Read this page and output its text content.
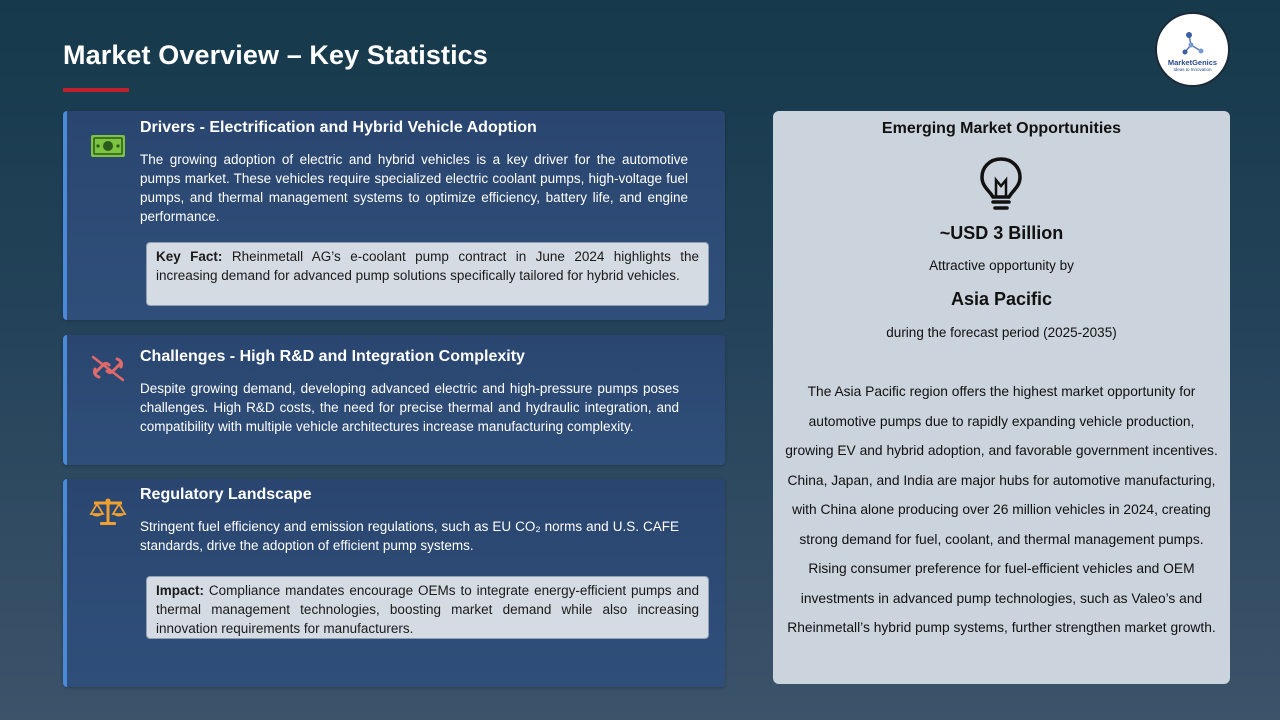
Market Overview – Key Statistics	MarketGenics
Ideas to Innovation
Drivers - Electrification and Hybrid Vehicle Adoption
The growing adoption of electric and hybrid vehicles is a key driver for the automotive pumps market. These vehicles require specialized electric coolant pumps, high-voltage fuel pumps, and thermal management systems to optimize efficiency, battery life, and engine performance.
Key Fact: Rheinmetall AG’s e-coolant pump contract in June 2024 highlights the increasing demand for advanced pump solutions specifically tailored for hybrid vehicles.
Challenges - High R&D and Integration Complexity
Despite growing demand, developing advanced electric and high-pressure pumps poses challenges. High R&D costs, the need for precise thermal and hydraulic integration, and compatibility with multiple vehicle architectures increase manufacturing complexity.
Regulatory Landscape
Stringent fuel efficiency and emission regulations, such as EU CO₂ norms and U.S. CAFE standards, drive the adoption of efficient pump systems.
Impact: Compliance mandates encourage OEMs to integrate energy-efficient pumps and thermal management technologies, boosting market demand while also increasing innovation requirements for manufacturers.
Emerging Market Opportunities
~USD 3 Billion
Attractive opportunity by
Asia Pacific
during the forecast period (2025-2035)
The Asia Pacific region offers the highest market opportunity for automotive pumps due to rapidly expanding vehicle production, growing EV and hybrid adoption, and favorable government incentives. China, Japan, and India are major hubs for automotive manufacturing, with China alone producing over 26 million vehicles in 2024, creating strong demand for fuel, coolant, and thermal management pumps. Rising consumer preference for fuel-efficient vehicles and OEM investments in advanced pump technologies, such as Valeo’s and Rheinmetall’s hybrid pump systems, further strengthen market growth.
